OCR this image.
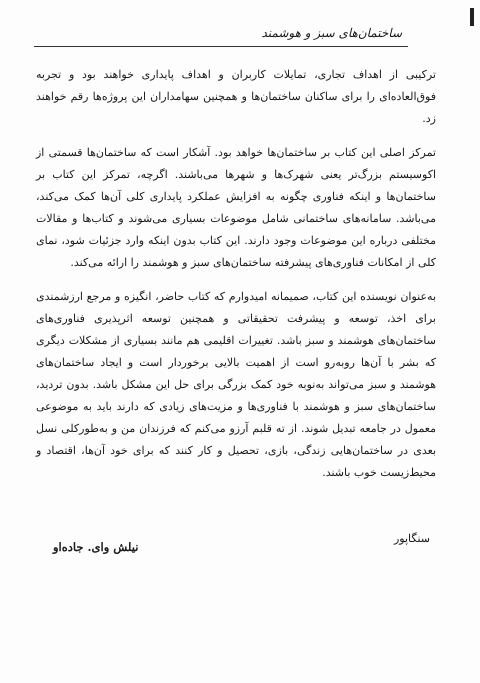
ساختمان‌های سبز و هوشمند

ترکیبی از اهداف تجاری، تمایلات کاربران و اهداف پایداری خواهند بود و تجربه فوق‌العاده‌ای را برای ساکنان ساختمان‌ها و همچنین سهامداران این پروژه‌ها رقم خواهند زد.

تمرکز اصلی این کتاب بر ساختمان‌ها خواهد بود. آشکار است که ساختمان‌ها قسمتی از اکوسیستم بزرگ‌تر یعنی شهرک‌ها و شهرها می‌باشند. اگرچه، تمرکز این کتاب بر ساختمان‌ها و اینکه فناوری چگونه به افزایش عملکرد پایداری کلی آن‌ها کمک می‌کند، می‌باشد. سامانه‌های ساختمانی شامل موضوعات بسیاری می‌شوند و کتاب‌ها و مقالات مختلفی درباره این موضوعات وجود دارند. این کتاب بدون اینکه وارد جزئیات شود، نمای کلی از امکانات فناوری‌های پیشرفته ساختمان‌های سبز و هوشمند را ارائه می‌کند.

به‌عنوان نویسنده این کتاب، صمیمانه امیدوارم که کتاب حاضر، انگیزه و مرجع ارزشمندی برای اخذ، توسعه و پیشرفت تحقیقاتی و همچنین توسعه اثرپذیری فناوری‌های ساختمان‌های هوشمند و سبز باشد. تغییرات اقلیمی هم مانند بسیاری از مشکلات دیگری که بشر با آن‌ها روبه‌رو است از اهمیت بالایی برخوردار است و ایجاد ساختمان‌های هوشمند و سبز می‌تواند به‌نوبه خود کمک بزرگی برای حل این مشکل باشد. بدون تردید، ساختمان‌های سبز و هوشمند با فناوری‌ها و مزیت‌های زیادی که دارند باید به موضوعی معمول در جامعه تبدیل شوند. از ته قلبم آرزو می‌کنم که فرزندان من و به‌طورکلی نسل بعدی در ساختمان‌هایی زندگی، بازی، تحصیل و کار کنند که برای خود آن‌ها، اقتصاد و محیط‌زیست خوب باشند.

سنگاپور
نیلش وای. جاده‌او
